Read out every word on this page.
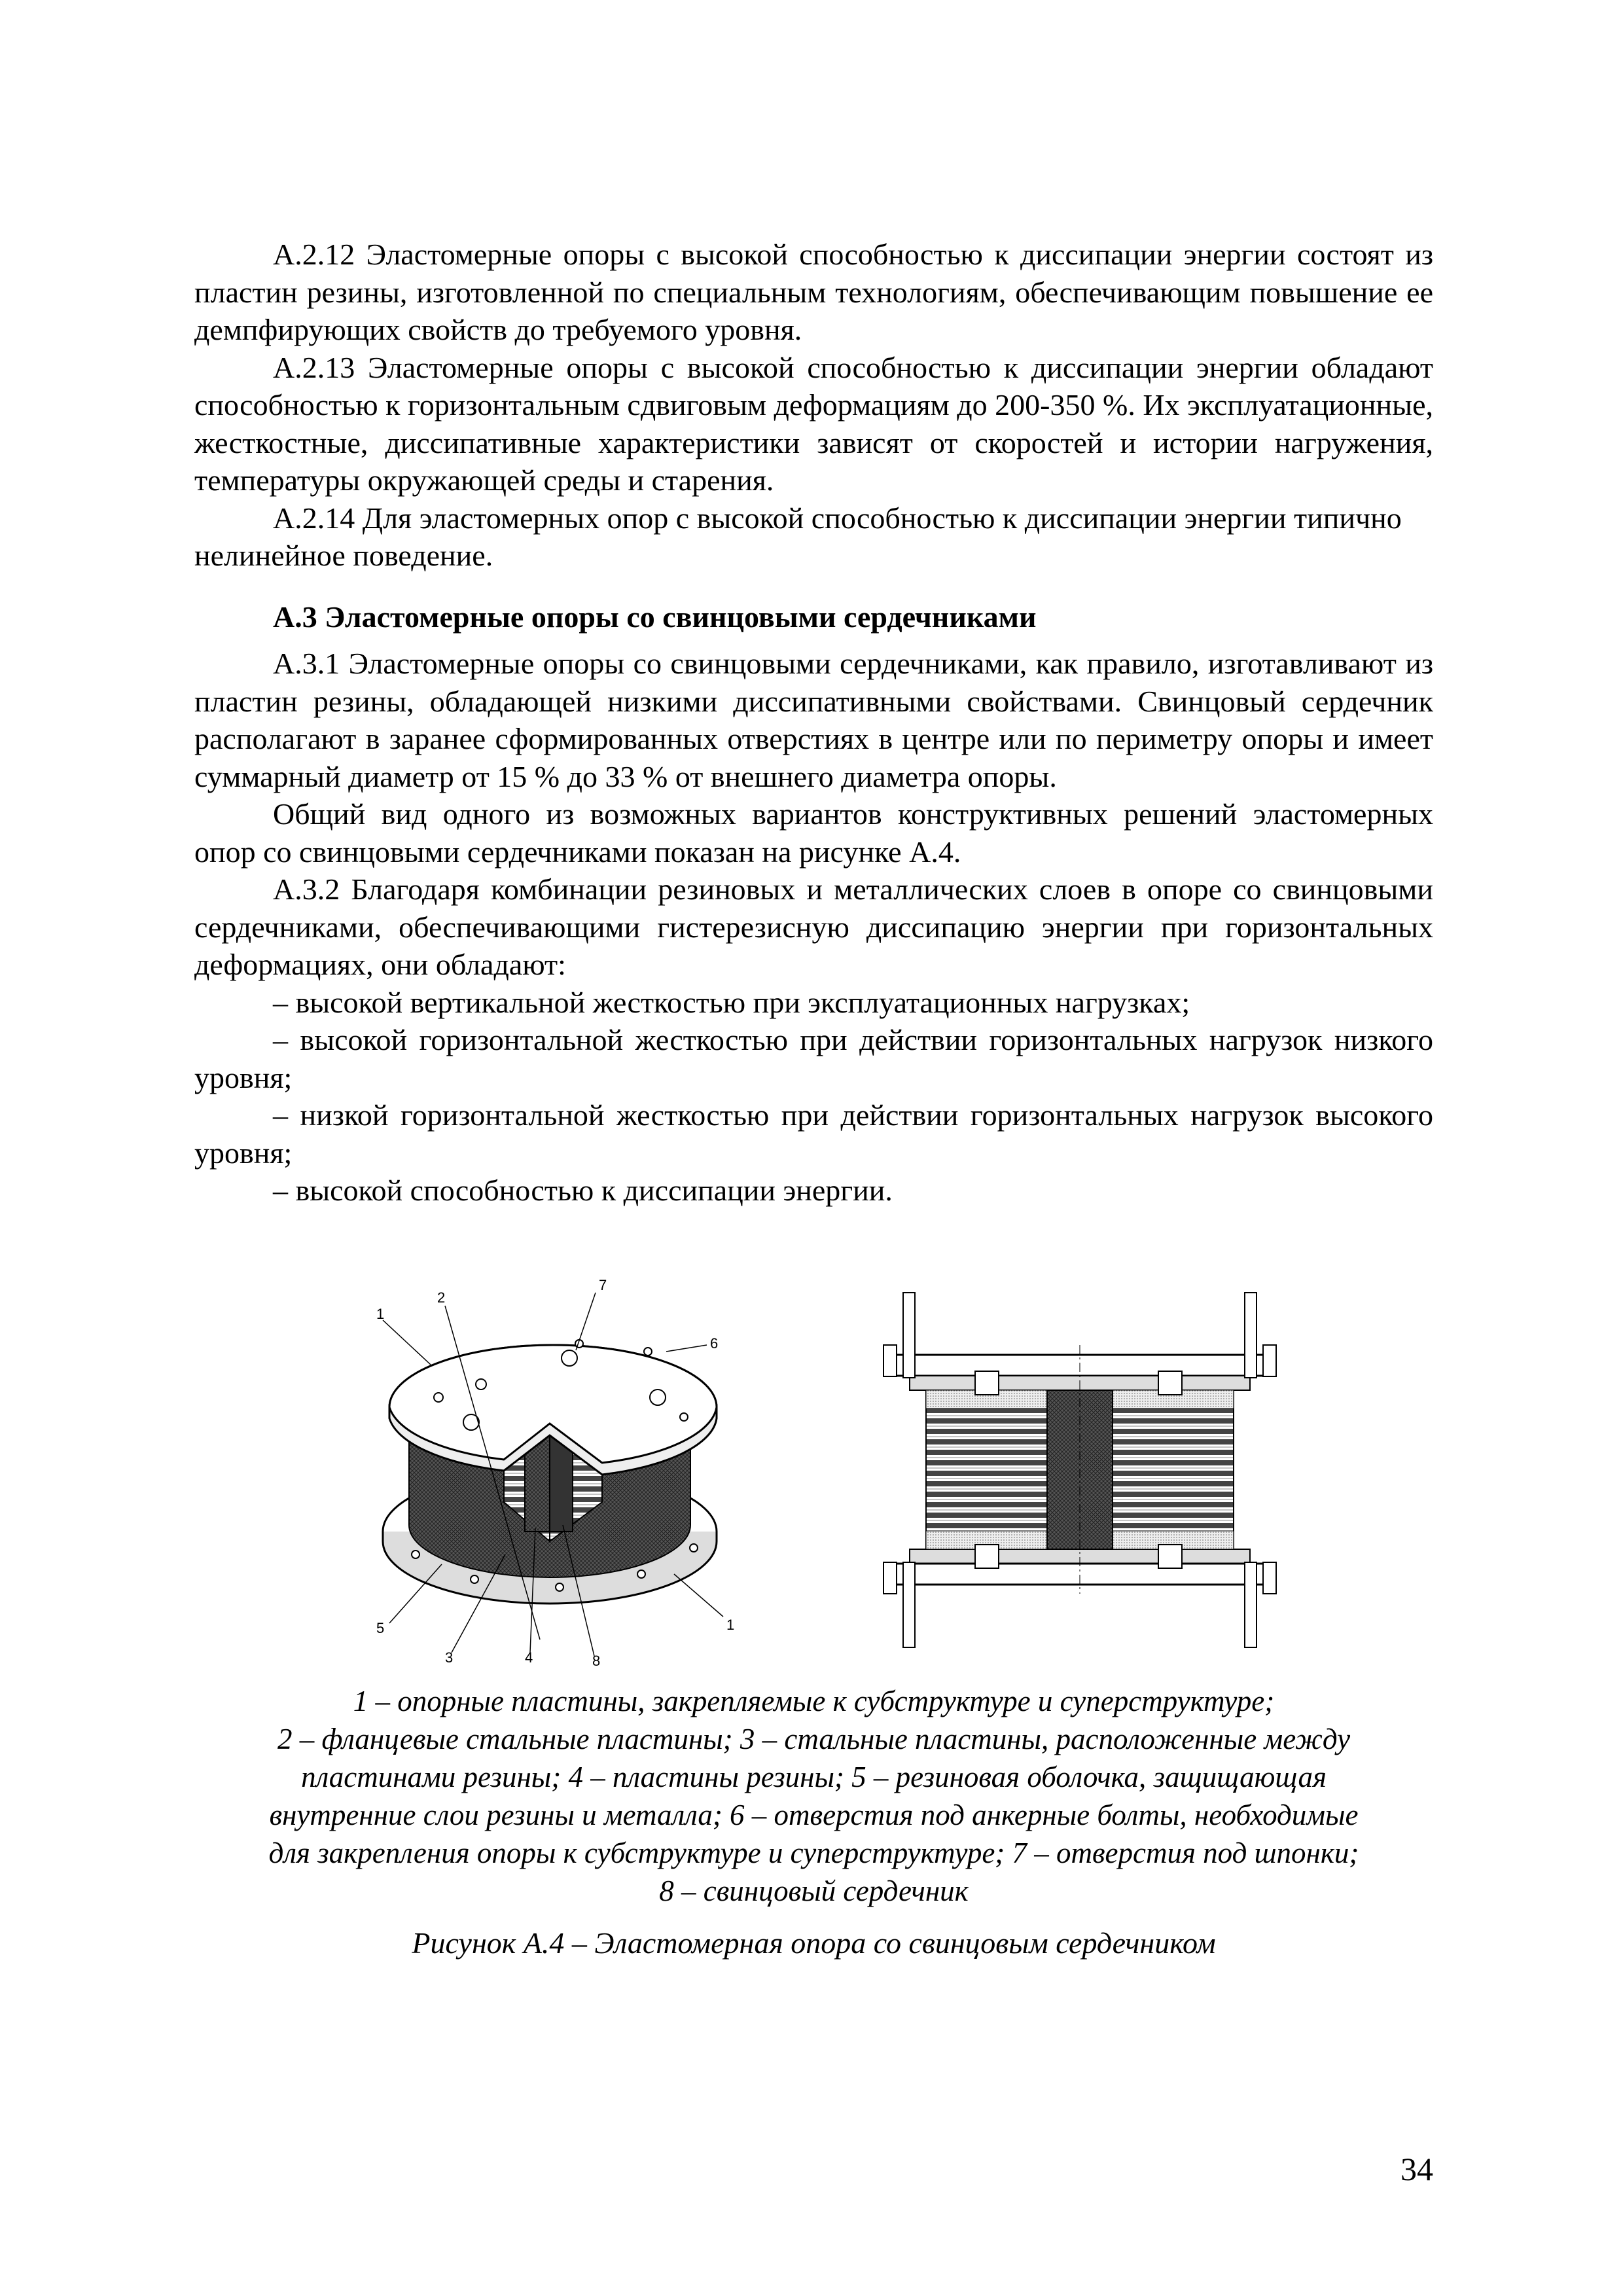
А.2.12 Эластомерные опоры с высокой способностью к диссипации энергии состоят из пластин резины, изготовленной по специальным технологиям, обеспечивающим повышение ее демпфирующих свойств до требуемого уровня.

А.2.13 Эластомерные опоры с высокой способностью к диссипации энергии обладают способностью к горизонтальным сдвиговым деформациям до 200-350 %. Их эксплуатационные, жесткостные, диссипативные характеристики зависят от скоростей и истории нагружения, температуры окружающей среды и старения.

А.2.14 Для эластомерных опор с высокой способностью к диссипации энергии типично нелинейное поведение.

А.3 Эластомерные опоры со свинцовыми сердечниками

А.3.1 Эластомерные опоры со свинцовыми сердечниками, как правило, изготавливают из пластин резины, обладающей низкими диссипативными свойствами. Свинцовый сердечник располагают в заранее сформированных отверстиях в центре или по периметру опоры и имеет суммарный диаметр от 15 % до 33 % от внешнего диаметра опоры.

Общий вид одного из возможных вариантов конструктивных решений эластомерных опор со свинцовыми сердечниками показан на рисунке А.4.

А.3.2 Благодаря комбинации резиновых и металлических слоев в опоре со свинцовыми сердечниками, обеспечивающими гистерезисную диссипацию энергии при горизонтальных деформациях, они обладают:

– высокой вертикальной жесткостью при эксплуатационных нагрузках;

– высокой горизонтальной жесткостью при действии горизонтальных нагрузок низкого уровня;

– низкой горизонтальной жесткостью при действии горизонтальных нагрузок высокого уровня;

– высокой способностью к диссипации энергии.

1
2
7
6
5
3	4	8
1

1 – опорные пластины, закрепляемые к субструктуре и суперструктуре;

2 – фланцевые стальные пластины; 3 – стальные пластины, расположенные между

пластинами резины; 4 – пластины резины; 5 – резиновая оболочка, защищающая

внутренние слои резины и металла; 6 – отверстия под анкерные болты, необходимые

для закрепления опоры к субструктуре и суперструктуре; 7 – отверстия под шпонки;

8 – свинцовый сердечник

Рисунок А.4 – Эластомерная опора со свинцовым сердечником
34
